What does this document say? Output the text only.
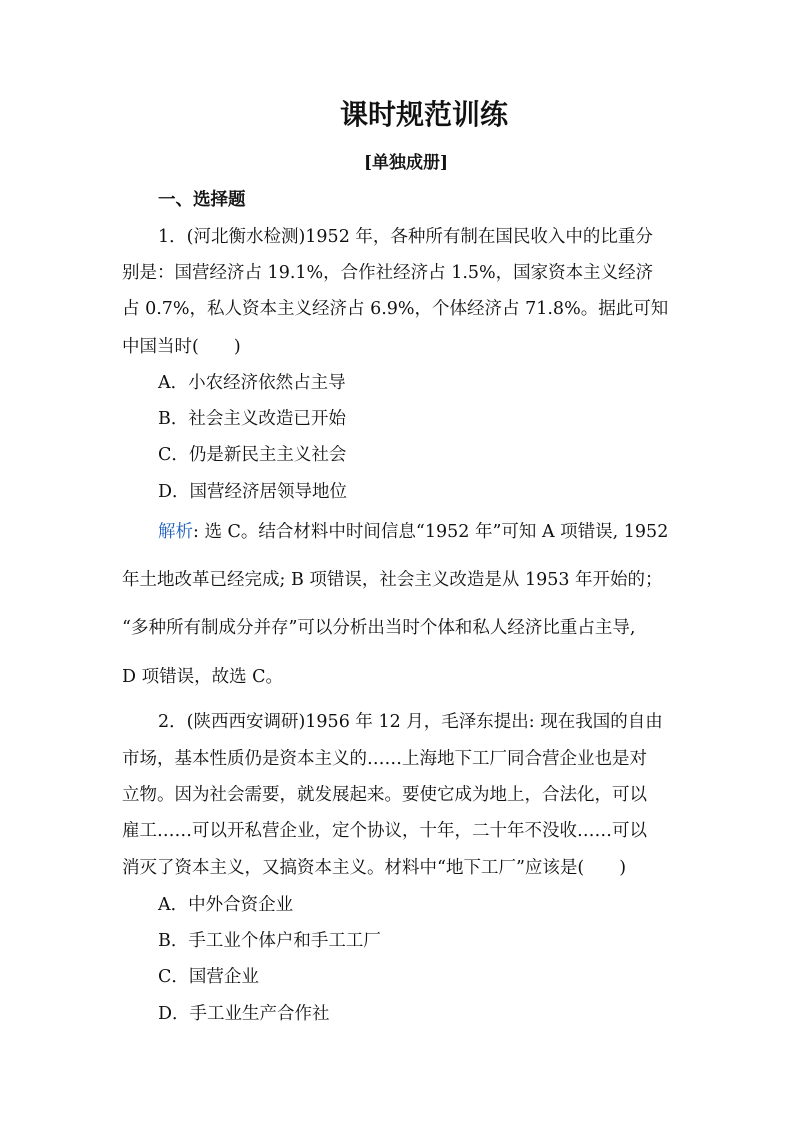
课时规范训练
[单独成册]
一、选择题
1．(河北衡水检测)1952 年，各种所有制在国民收入中的比重分
别是：国营经济占 19.1%，合作社经济占 1.5%，国家资本主义经济
占 0.7%，私人资本主义经济占 6.9%，个体经济占 71.8%。据此可知
中国当时(　　)
A．小农经济依然占主导
B．社会主义改造已开始
C．仍是新民主主义社会
D．国营经济居领导地位
解析: 选 C。结合材料中时间信息“1952 年”可知 A 项错误, 1952
年土地改革已经完成; B 项错误，社会主义改造是从 1953 年开始的；
“多种所有制成分并存”可以分析出当时个体和私人经济比重占主导,
D 项错误，故选 C。
2．(陕西西安调研)1956 年 12 月，毛泽东提出: 现在我国的自由
市场，基本性质仍是资本主义的……上海地下工厂同合营企业也是对
立物。因为社会需要，就发展起来。要使它成为地上，合法化，可以
雇工……可以开私营企业，定个协议，十年，二十年不没收……可以
消灭了资本主义，又搞资本主义。材料中“地下工厂”应该是(　　)
A．中外合资企业
B．手工业个体户和手工工厂
C．国营企业
D．手工业生产合作社
